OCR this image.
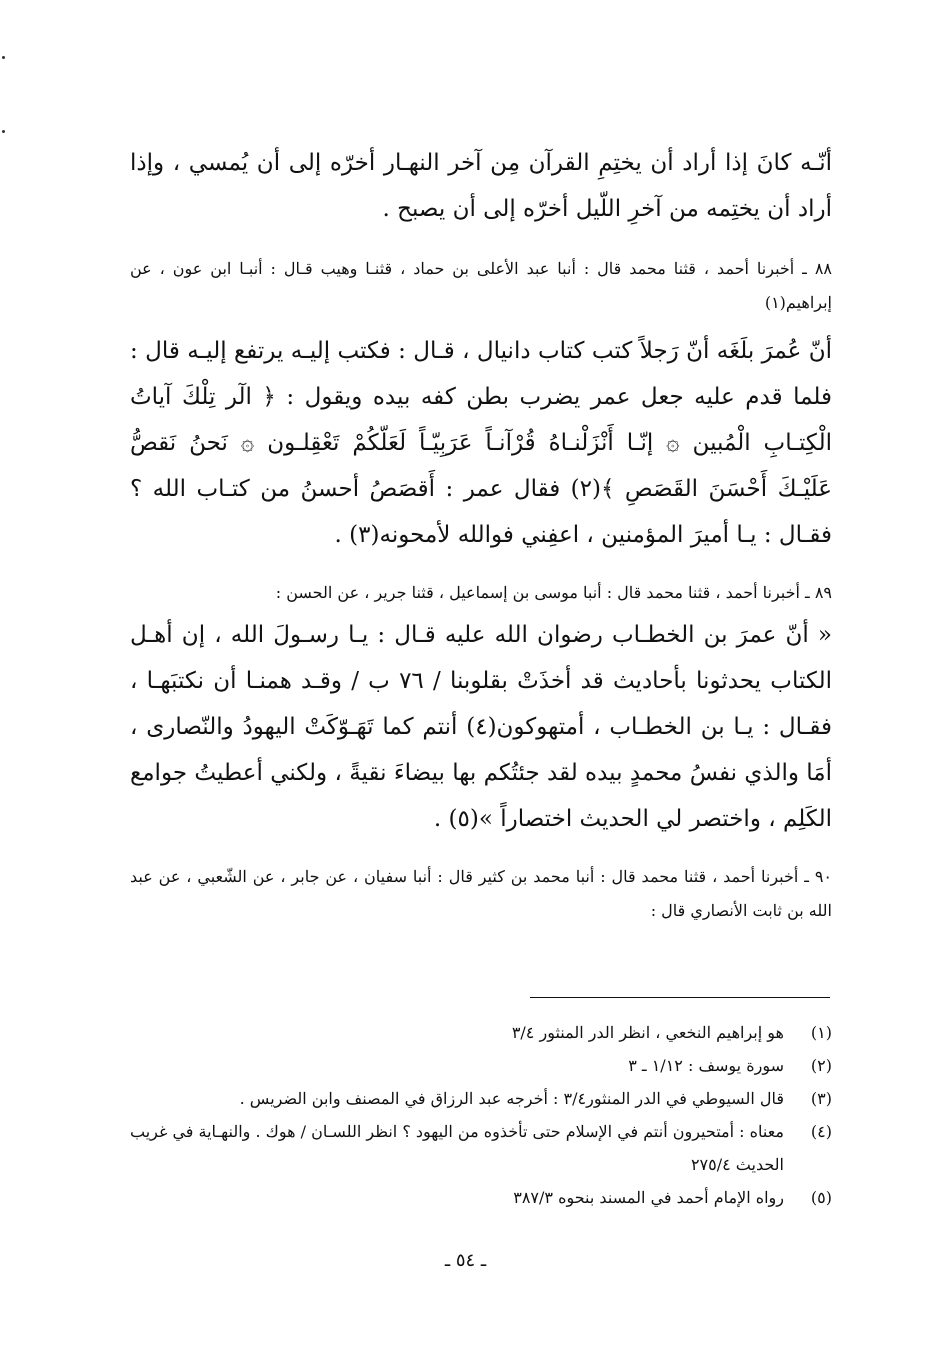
أنّـه كانَ إذا أراد أن يختِمِ القرآن مِن آخر النهـار أخرّه إلى أن يُمسي ، وإذا أراد أن يختِمه من آخرِ اللّيل أخرّه إلى أن يصبح .

٨٨ ـ أخبرنا أحمد ، قثنا محمد قال : أنبا عبد الأعلى بن حماد ، قثنـا وهيب قـال : أنبـا ابن عون ، عن إبراهيم(١)

أنّ عُمرَ بلَغَه أنّ رَجلاً كتب كتاب دانيال ، قـال : فكتب إليـه يرتفع إليـه قال : فلما قدم عليه جعل عمر يضرب بطن كفه بيده ويقول : ﴿ الٓر تِلْكَ آياتُ الْكِتـابِ الْمُبين ۞ إنّـا أَنْزَلْنـاهُ قُرْآنـاً عَرَبِيّـاً لَعَلّكُمْ تَعْقِلـون ۞ نَحنُ نَقصُّ عَلَيْـكَ أَحْسَنَ القَصَصِ ﴾(٢) فقال عمر : أَقصَصُ أحسنُ من كتـاب الله ؟ فقـال : يـا أميرَ المؤمنين ، اعفِني فوالله لأمحونه(٣) .

٨٩ ـ أخبرنا أحمد ، قثنا محمد قال : أنبا موسى بن إسماعيل ، قثنا جرير ، عن الحسن :

« أنّ عمرَ بن الخطـاب رضوان الله عليه قـال : يـا رسـولَ الله ، إن أهـل الكتاب يحدثونا بأحاديث قد أخذَتْ بقلوبنا / ٧٦ ب / وقـد همنـا أن نكتبَهـا ، فقـال : يـا بن الخطـاب ، أمتهوكون(٤) أنتم كما تَهَـوّكَتْ اليهودُ والنّصارى ، أمَا والذي نفسُ محمدٍ بيده لقد جئتُكم بها بيضاءَ نقيةً ، ولكني أعطيتُ جوامع الكَلِم ، واختصر لي الحديث اختصاراً »(٥) .

٩٠ ـ أخبرنا أحمد ، قثنا محمد قال : أنبا محمد بن كثير قال : أنبا سفيان ، عن جابر ، عن الشّعبي ، عن عبد الله بن ثابت الأنصاري قال :

(١)
هو إبراهيم النخعي ، انظر الدر المنثور ٣/٤
(٢)
سورة يوسف : ١/١٢ ـ ٣
(٣)
قال السيوطي في الدر المنثور٣/٤ : أخرجه عبد الرزاق في المصنف وابن الضريس .
(٤)
معناه : أمتحيرون أنتم في الإسلام حتى تأخذوه من اليهود ؟ انظر اللسـان / هوك . والنهـاية في غريب الحديث ٢٧٥/٤
(٥)
رواه الإمام أحمد في المسند بنحوه ٣٨٧/٣
ـ ٥٤ ـ
